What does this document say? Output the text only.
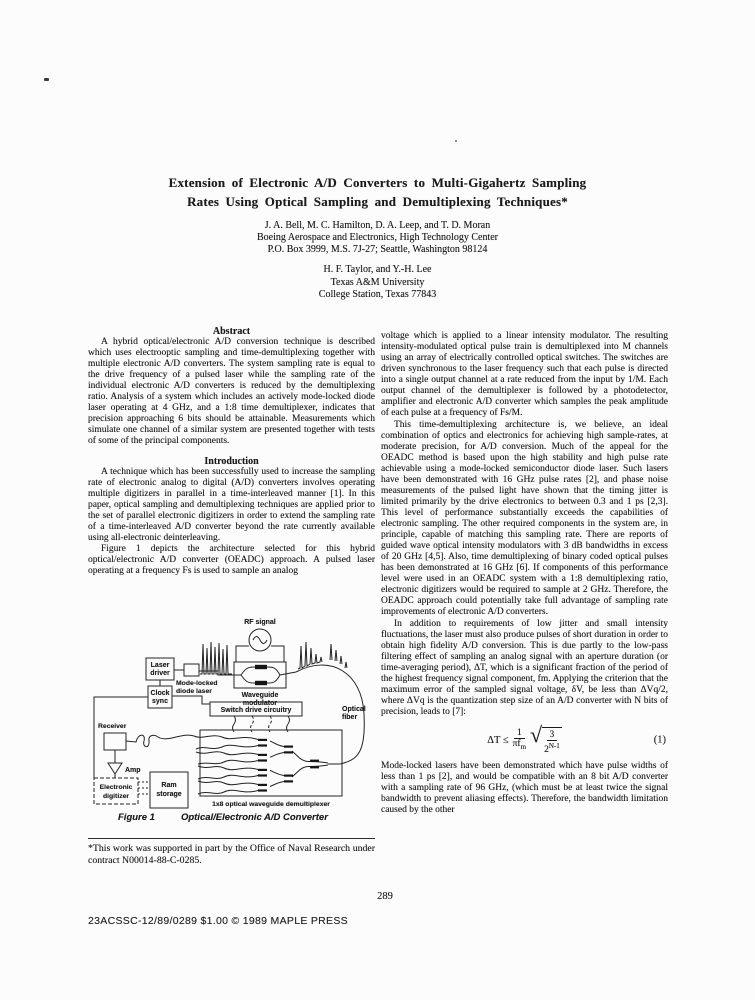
Extension of Electronic A/D Converters to Multi-Gigahertz Sampling
Rates Using Optical Sampling and Demultiplexing Techniques*
J. A. Bell, M. C. Hamilton, D. A. Leep, and T. D. Moran
Boeing Aerospace and Electronics, High Technology Center
P.O. Box 3999, M.S. 7J-27; Seattle, Washington 98124
H. F. Taylor, and Y.-H. Lee
Texas A&M University
College Station, Texas 77843

Abstract

A hybrid optical/electronic A/D conversion technique is described which uses electrooptic sampling and time-demultiplexing together with multiple electronic A/D converters. The system sampling rate is equal to the drive frequency of a pulsed laser while the sampling rate of the individual electronic A/D converters is reduced by the demultiplexing ratio. Analysis of a system which includes an actively mode-locked diode laser operating at 4 GHz, and a 1:8 time demultiplexer, indicates that precision approaching 6 bits should be attainable. Measurements which simulate one channel of a similar system are presented together with tests of some of the principal components.

Introduction

A technique which has been successfully used to increase the sampling rate of electronic analog to digital (A/D) converters involves operating multiple digitizers in parallel in a time-interleaved manner [1]. In this paper, optical sampling and demultiplexing techniques are applied prior to the set of parallel electronic digitizers in order to extend the sampling rate of a time-interleaved A/D converter beyond the rate currently available using all-electronic deinterleaving.

Figure 1 depicts the architecture selected for this hybrid optical/electronic A/D converter (OEADC) approach. A pulsed laser operating at a frequency Fs is used to sample an analog

RF signal
Waveguide
modulator
Laser
driver
Mode-locked
diode laser
Clock
sync
Switch drive circuitry	Optical
fiber
1x8 optical waveguide demultiplexer
Receiver
Amp
Electronic
digitizer
Ram
storage
Figure 1	Optical/Electronic A/D Converter
*This work was supported in part by the Office of Naval Research under contract N00014-88-C-0285.

voltage which is applied to a linear intensity modulator. The resulting intensity-modulated optical pulse train is demultiplexed into M channels using an array of electrically controlled optical switches. The switches are driven synchronous to the laser frequency such that each pulse is directed into a single output channel at a rate reduced from the input by 1/M. Each output channel of the demultiplexer is followed by a photodetector, amplifier and electronic A/D converter which samples the peak amplitude of each pulse at a frequency of Fs/M.

This time-demultiplexing architecture is, we believe, an ideal combination of optics and electronics for achieving high sample-rates, at moderate precision, for A/D conversion. Much of the appeal for the OEADC method is based upon the high stability and high pulse rate achievable using a mode-locked semiconductor diode laser. Such lasers have been demonstrated with 16 GHz pulse rates [2], and phase noise measurements of the pulsed light have shown that the timing jitter is limited primarily by the drive electronics to between 0.3 and 1 ps [2,3]. This level of performance substantially exceeds the capabilities of electronic sampling. The other required components in the system are, in principle, capable of matching this sampling rate. There are reports of guided wave optical intensity modulators with 3 dB bandwidths in excess of 20 GHz [4,5]. Also, time demultiplexing of binary coded optical pulses has been demonstrated at 16 GHz [6]. If components of this performance level were used in an OEADC system with a 1:8 demultiplexing ratio, electronic digitizers would be required to sample at 2 GHz. Therefore, the OEADC approach could potentially take full advantage of sampling rate improvements of electronic A/D converters.

In addition to requirements of low jitter and small intensity fluctuations, the laser must also produce pulses of short duration in order to obtain high fidelity A/D conversion. This is due partly to the low-pass filtering effect of sampling an analog signal with an aperture duration (or time-averaging period), ΔT, which is a significant fraction of the period of the highest frequency signal component, fm. Applying the criterion that the maximum error of the sampled signal voltage, δV, be less than ΔVq/2, where ΔVq is the quantization step size of an A/D converter with N bits of precision, leads to [7]:

$\Delta T \le \frac{1}{\pi f_m}$ √ $\frac{3}{2^{N-1}}$	(1)

Mode-locked lasers have been demonstrated which have pulse widths of less than 1 ps [2], and would be compatible with an 8 bit A/D converter with a sampling rate of 96 GHz, (which must be at least twice the signal bandwidth to prevent aliasing effects). Therefore, the bandwidth limitation caused by the other

289
23ACSSC-12/89/0289 $1.00 © 1989 MAPLE PRESS
